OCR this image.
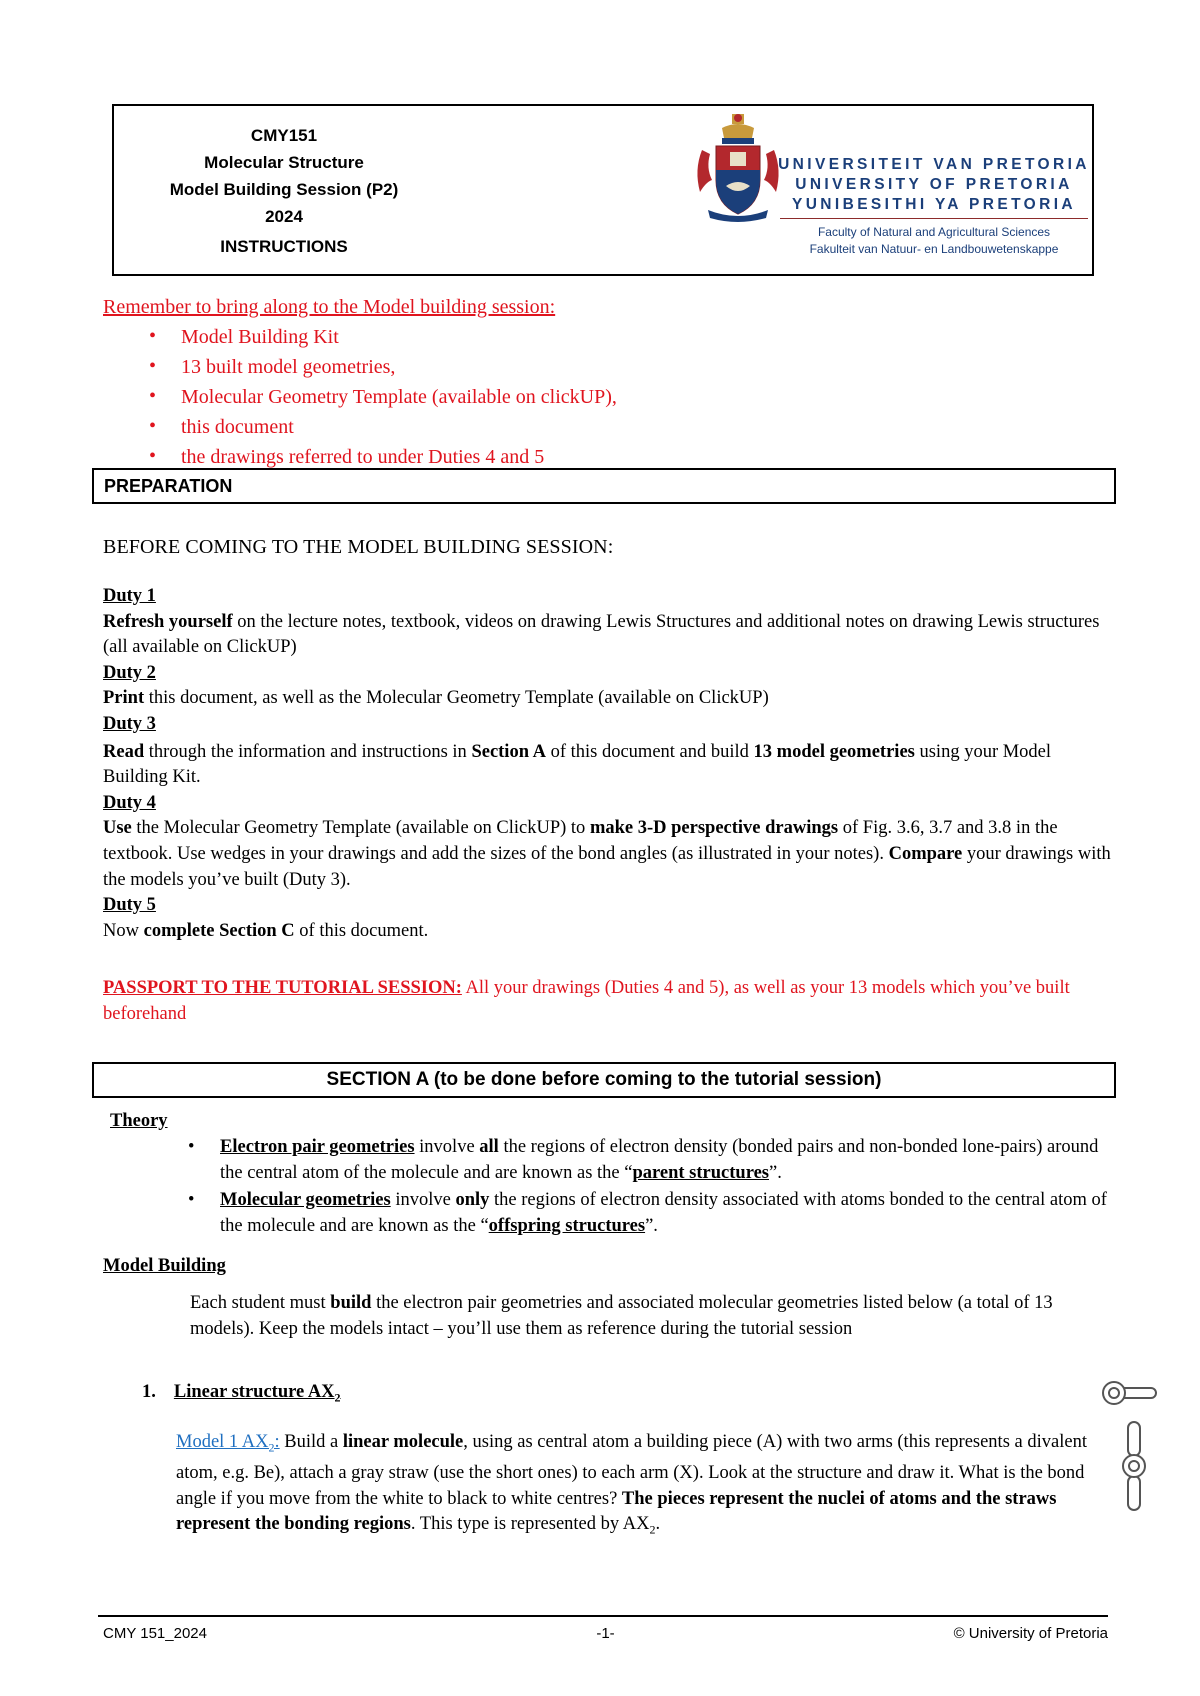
CMY151
Molecular Structure
Model Building Session (P2)
2024
INSTRUCTIONS
UNIVERSITEIT VAN PRETORIA
UNIVERSITY OF PRETORIA
YUNIBESITHI YA PRETORIA
Faculty of Natural and Agricultural Sciences
Fakulteit van Natuur- en Landbouwetenskappe
Remember to bring along to the Model building session:
• Model Building Kit
• 13 built model geometries,
• Molecular Geometry Template (available on clickUP),
• this document
• the drawings referred to under Duties 4 and 5
PREPARATION
BEFORE COMING TO THE MODEL BUILDING SESSION:
Duty 1
Refresh yourself on the lecture notes, textbook, videos on drawing Lewis Structures and additional notes on drawing Lewis structures (all available on ClickUP)
Duty 2
Print this document, as well as the Molecular Geometry Template (available on ClickUP)
Duty 3
Read through the information and instructions in Section A of this document and build 13 model geometries using your Model Building Kit.
Duty 4
Use the Molecular Geometry Template (available on ClickUP) to make 3-D perspective drawings of Fig. 3.6, 3.7 and 3.8 in the textbook. Use wedges in your drawings and add the sizes of the bond angles (as illustrated in your notes). Compare your drawings with the models you’ve built (Duty 3).
Duty 5
Now complete Section C of this document.
PASSPORT TO THE TUTORIAL SESSION: All your drawings (Duties 4 and 5), as well as your 13 models which you’ve built beforehand
SECTION A (to be done before coming to the tutorial session)
Theory
• Electron pair geometries involve all the regions of electron density (bonded pairs and non-bonded lone-pairs) around the central atom of the molecule and are known as the “parent structures”.
• Molecular geometries involve only the regions of electron density associated with atoms bonded to the central atom of the molecule and are known as the “offspring structures”.
Model Building
Each student must build the electron pair geometries and associated molecular geometries listed below (a total of 13 models). Keep the models intact – you’ll use them as reference during the tutorial session
1. Linear structure $AX_2$
Model 1 $AX_2$: Build a linear molecule, using as central atom a building piece (A) with two arms (this represents a divalent atom, e.g. Be), attach a gray straw (use the short ones) to each arm (X). Look at the structure and draw it. What is the bond angle if you move from the white to black to white centres? The pieces represent the nuclei of atoms and the straws represent the bonding regions. This type is represented by $AX_2$.
CMY 151_2024	-1-	© University of Pretoria
